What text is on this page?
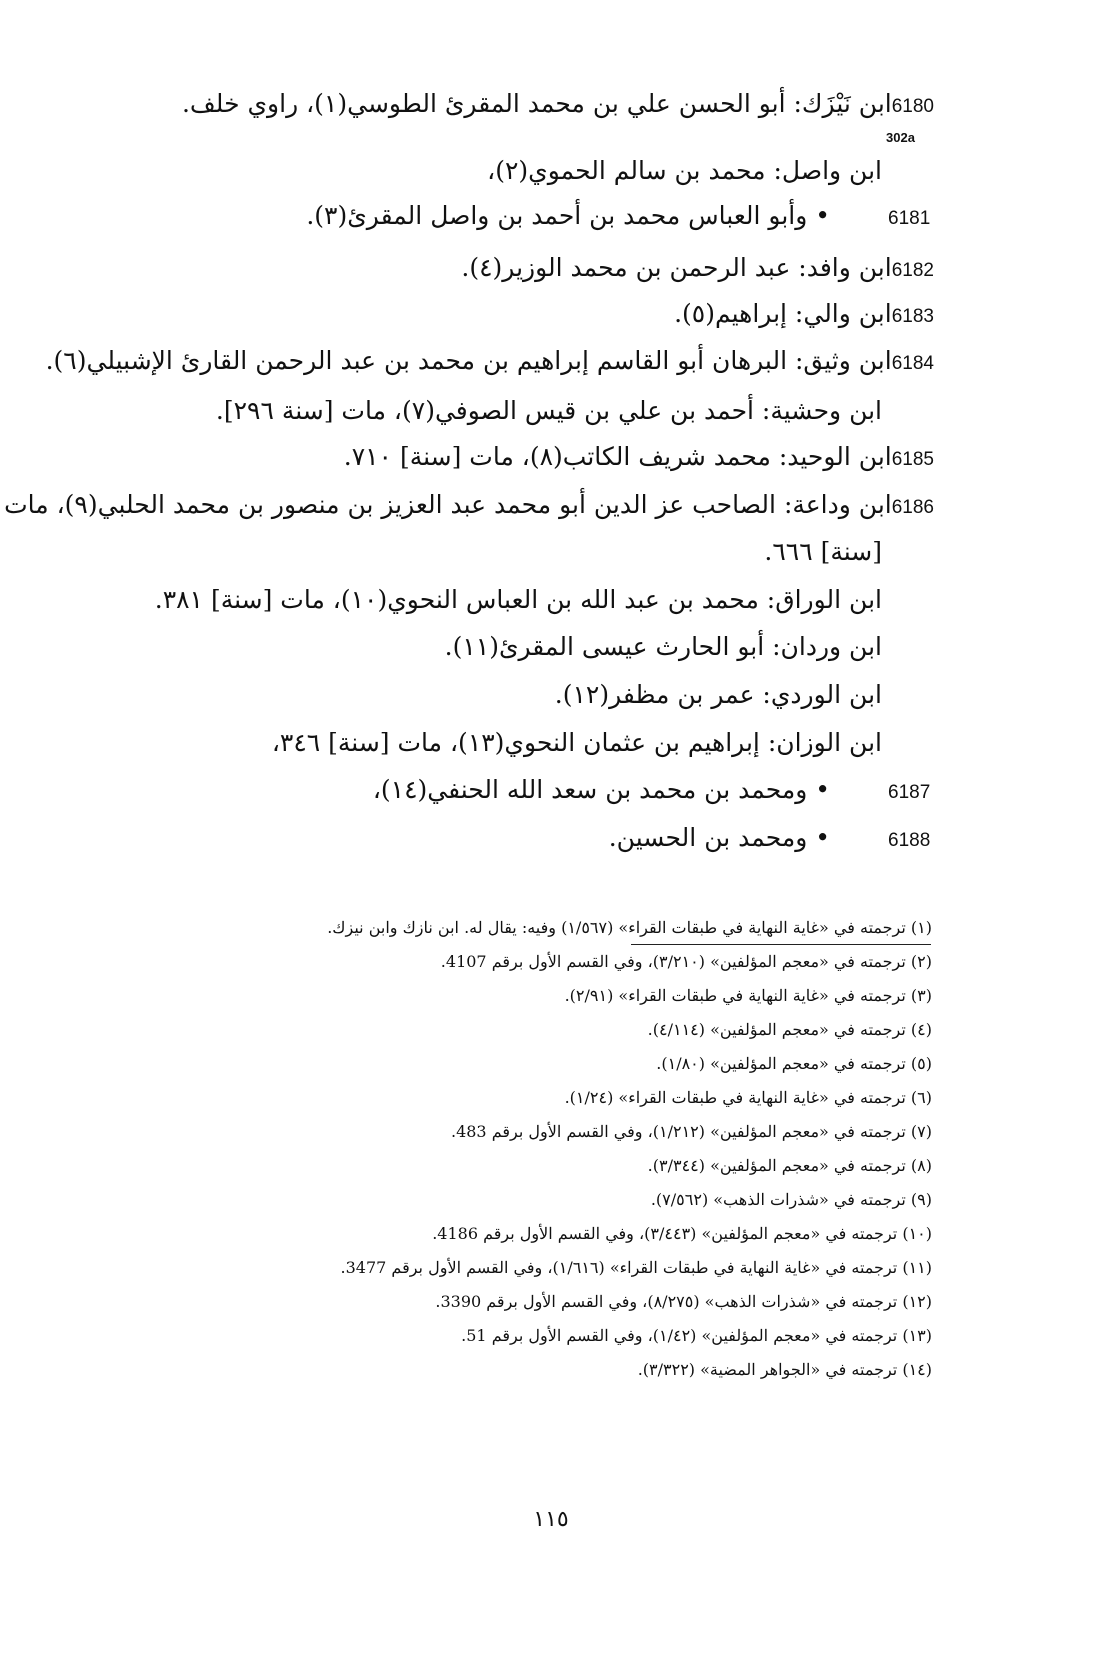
6180ابن نَيْزَك: أبو الحسن علي بن محمد المقرئ الطوسي(١)، راوي خلف.
302a
ابن واصل: محمد بن سالم الحموي(٢)،
6181
• وأبو العباس محمد بن أحمد بن واصل المقرئ(٣).
6182ابن وافد: عبد الرحمن بن محمد الوزير(٤).
6183ابن والي: إبراهيم(٥).
6184ابن وثيق: البرهان أبو القاسم إبراهيم بن محمد بن عبد الرحمن القارئ الإشبيلي(٦).
ابن وحشية: أحمد بن علي بن قيس الصوفي(٧)، مات [سنة ٢٩٦].
6185ابن الوحيد: محمد شريف الكاتب(٨)، مات [سنة] ٧١٠.
6186ابن وداعة: الصاحب عز الدين أبو محمد عبد العزيز بن منصور بن محمد الحلبي(٩)، مات
[سنة] ٦٦٦.
ابن الوراق: محمد بن عبد الله بن العباس النحوي(١٠)، مات [سنة] ٣٨١.
ابن وردان: أبو الحارث عيسى المقرئ(١١).
ابن الوردي: عمر بن مظفر(١٢).
ابن الوزان: إبراهيم بن عثمان النحوي(١٣)، مات [سنة] ٣٤٦،
6187
• ومحمد بن محمد بن سعد الله الحنفي(١٤)،
6188
• ومحمد بن الحسين.
(١) ترجمته في «غاية النهاية في طبقات القراء» (١/٥٦٧) وفيه: يقال له. ابن نازك وابن نيزك.
(٢) ترجمته في «معجم المؤلفين» (٣/٢١٠)، وفي القسم الأول برقم 4107.
(٣) ترجمته في «غاية النهاية في طبقات القراء» (٢/٩١).
(٤) ترجمته في «معجم المؤلفين» (٤/١١٤).
(٥) ترجمته في «معجم المؤلفين» (١/٨٠).
(٦) ترجمته في «غاية النهاية في طبقات القراء» (١/٢٤).
(٧) ترجمته في «معجم المؤلفين» (١/٢١٢)، وفي القسم الأول برقم 483.
(٨) ترجمته في «معجم المؤلفين» (٣/٣٤٤).
(٩) ترجمته في «شذرات الذهب» (٧/٥٦٢).
(١٠) ترجمته في «معجم المؤلفين» (٣/٤٤٣)، وفي القسم الأول برقم 4186.
(١١) ترجمته في «غاية النهاية في طبقات القراء» (١/٦١٦)، وفي القسم الأول برقم 3477.
(١٢) ترجمته في «شذرات الذهب» (٨/٢٧٥)، وفي القسم الأول برقم 3390.
(١٣) ترجمته في «معجم المؤلفين» (١/٤٢)، وفي القسم الأول برقم 51.
(١٤) ترجمته في «الجواهر المضية» (٣/٣٢٢).
١١٥
